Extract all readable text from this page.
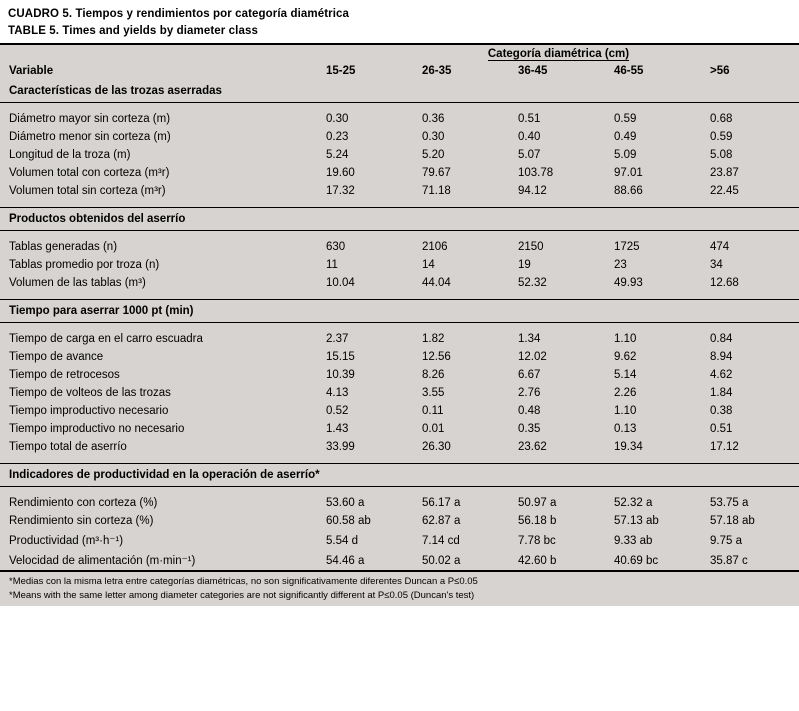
CUADRO 5. Tiempos y rendimientos por categoría diamétrica
TABLE 5. Times and yields by diameter class
	Categoría diamétrica (cm)				
Variable	15-25	26-35	36-45	46-55	>56
Características de las trozas aserradas					

Diámetro mayor sin corteza (m)	0.30	0.36	0.51	0.59	0.68
Diámetro menor sin corteza (m)	0.23	0.30	0.40	0.49	0.59
Longitud de la troza (m)	5.24	5.20	5.07	5.09	5.08
Volumen total con corteza (m³r)	19.60	79.67	103.78	97.01	23.87
Volumen total sin corteza (m³r)	17.32	71.18	94.12	88.66	22.45

Productos obtenidos del aserrío					

Tablas generadas (n)	630	2106	2150	1725	474
Tablas promedio por troza (n)	11	14	19	23	34
Volumen de las tablas (m³)	10.04	44.04	52.32	49.93	12.68

Tiempo para aserrar 1000 pt (min)					

Tiempo de carga en el carro escuadra	2.37	1.82	1.34	1.10	0.84
Tiempo de avance	15.15	12.56	12.02	9.62	8.94
Tiempo de retrocesos	10.39	8.26	6.67	5.14	4.62
Tiempo de volteos de las trozas	4.13	3.55	2.76	2.26	1.84
Tiempo improductivo necesario	0.52	0.11	0.48	1.10	0.38
Tiempo improductivo no necesario	1.43	0.01	0.35	0.13	0.51
Tiempo total de aserrío	33.99	26.30	23.62	19.34	17.12

Indicadores de productividad en la operación de aserrío*					

Rendimiento con corteza (%)	53.60 a	56.17 a	50.97 a	52.32 a	53.75 a
Rendimiento sin corteza (%)	60.58 ab	62.87 a	56.18 b	57.13 ab	57.18 ab
Productividad (m³·h⁻¹)	5.54 d	7.14 cd	7.78 bc	9.33 ab	9.75 a
Velocidad de alimentación (m·min⁻¹)	54.46 a	50.02 a	42.60 b	40.69 bc	35.87 c
*Medias con la misma letra entre categorías diamétricas, no son significativamente diferentes Duncan a P≤0.05
*Means with the same letter among diameter categories are not significantly different at P≤0.05 (Duncan's test)
